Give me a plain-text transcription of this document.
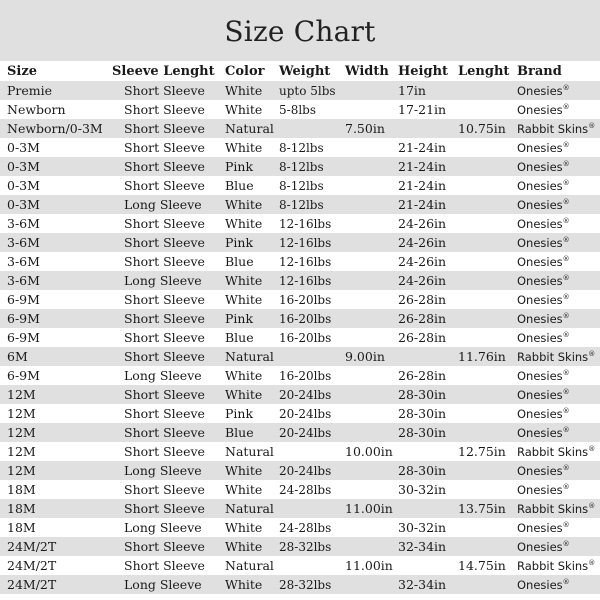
Size Chart
Size	Sleeve Lenght	Color	Weight	Width	Height	Lenght	Brand
Premie	Short Sleeve	White	upto 5lbs		17in		Onesies®
Newborn	Short Sleeve	White	5-8lbs		17-21in		Onesies®
Newborn/0-3M	Short Sleeve	Natural		7.50in		10.75in	Rabbit Skins®
0-3M	Short Sleeve	White	8-12lbs		21-24in		Onesies®
0-3M	Short Sleeve	Pink	8-12lbs		21-24in		Onesies®
0-3M	Short Sleeve	Blue	8-12lbs		21-24in		Onesies®
0-3M	Long Sleeve	White	8-12lbs		21-24in		Onesies®
3-6M	Short Sleeve	White	12-16lbs		24-26in		Onesies®
3-6M	Short Sleeve	Pink	12-16lbs		24-26in		Onesies®
3-6M	Short Sleeve	Blue	12-16lbs		24-26in		Onesies®
3-6M	Long Sleeve	White	12-16lbs		24-26in		Onesies®
6-9M	Short Sleeve	White	16-20lbs		26-28in		Onesies®
6-9M	Short Sleeve	Pink	16-20lbs		26-28in		Onesies®
6-9M	Short Sleeve	Blue	16-20lbs		26-28in		Onesies®
6M	Short Sleeve	Natural		9.00in		11.76in	Rabbit Skins®
6-9M	Long Sleeve	White	16-20lbs		26-28in		Onesies®
12M	Short Sleeve	White	20-24lbs		28-30in		Onesies®
12M	Short Sleeve	Pink	20-24lbs		28-30in		Onesies®
12M	Short Sleeve	Blue	20-24lbs		28-30in		Onesies®
12M	Short Sleeve	Natural		10.00in		12.75in	Rabbit Skins®
12M	Long Sleeve	White	20-24lbs		28-30in		Onesies®
18M	Short Sleeve	White	24-28lbs		30-32in		Onesies®
18M	Short Sleeve	Natural		11.00in		13.75in	Rabbit Skins®
18M	Long Sleeve	White	24-28lbs		30-32in		Onesies®
24M/2T	Short Sleeve	White	28-32lbs		32-34in		Onesies®
24M/2T	Short Sleeve	Natural		11.00in		14.75in	Rabbit Skins®
24M/2T	Long Sleeve	White	28-32lbs		32-34in		Onesies®
